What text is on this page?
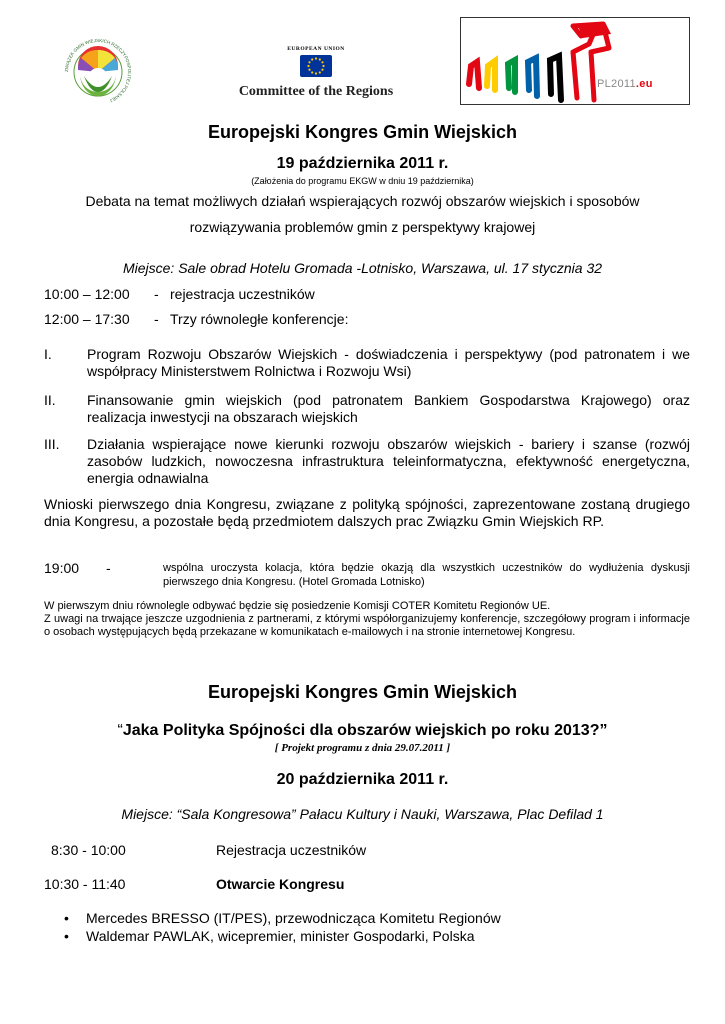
ZWIĄZEK GMIN WIEJSKICH RZECZYPOSPOLITEJ POLSKIEJ
EUROPEAN UNION
Committee of the Regions	PL2011.eu
Europejski Kongres Gmin Wiejskich
19 października 2011 r.
(Założenia do programu EKGW w dniu 19 października)
Debata na temat możliwych działań wspierających rozwój obszarów wiejskich i sposobów
rozwiązywania problemów gmin z perspektywy krajowej
Miejsce: Sale obrad Hotelu Gromada -Lotnisko, Warszawa, ul. 17 stycznia 32
10:00 – 12:00 - rejestracja uczestników
12:00 – 17:30 - Trzy równoległe konferencje:
I.	Program Rozwoju Obszarów Wiejskich - doświadczenia i perspektywy (pod patronatem i we współpracy Ministerstwem Rolnictwa i Rozwoju Wsi)
II. Finansowanie gmin wiejskich (pod patronatem Bankiem Gospodarstwa Krajowego) oraz realizacja inwestycji na obszarach wiejskich
III. Działania wspierające nowe kierunki rozwoju obszarów wiejskich - bariery i szanse (rozwój zasobów ludzkich, nowoczesna infrastruktura teleinformatyczna, efektywność energetyczna, energia odnawialna
Wnioski pierwszego dnia Kongresu, związane z polityką spójności, zaprezentowane zostaną drugiego dnia Kongresu, a pozostałe będą przedmiotem dalszych prac Związku Gmin Wiejskich RP.
19:00 -	wspólna uroczysta kolacja, która będzie okazją dla wszystkich uczestników do wydłużenia dyskusji pierwszego dnia Kongresu. (Hotel Gromada Lotnisko)
W pierwszym dniu równolegle odbywać będzie się posiedzenie Komisji COTER Komitetu Regionów UE.
Z uwagi na trwające jeszcze uzgodnienia z partnerami, z którymi współorganizujemy konferencje, szczegółowy program i informacje o osobach występujących będą przekazane w komunikatach e-mailowych i na stronie internetowej Kongresu.
Europejski Kongres Gmin Wiejskich
“Jaka Polityka Spójności dla obszarów wiejskich po roku 2013?”
[ Projekt programu z dnia 29.07.2011 ]
20 października 2011 r.
Miejsce: “Sala Kongresowa” Pałacu Kultury i Nauki, Warszawa, Plac Defilad 1
8:30 - 10:00	Rejestracja uczestników
10:30 - 11:40	Otwarcie Kongresu
• Mercedes BRESSO (IT/PES), przewodnicząca Komitetu Regionów
• Waldemar PAWLAK, wicepremier, minister Gospodarki, Polska
